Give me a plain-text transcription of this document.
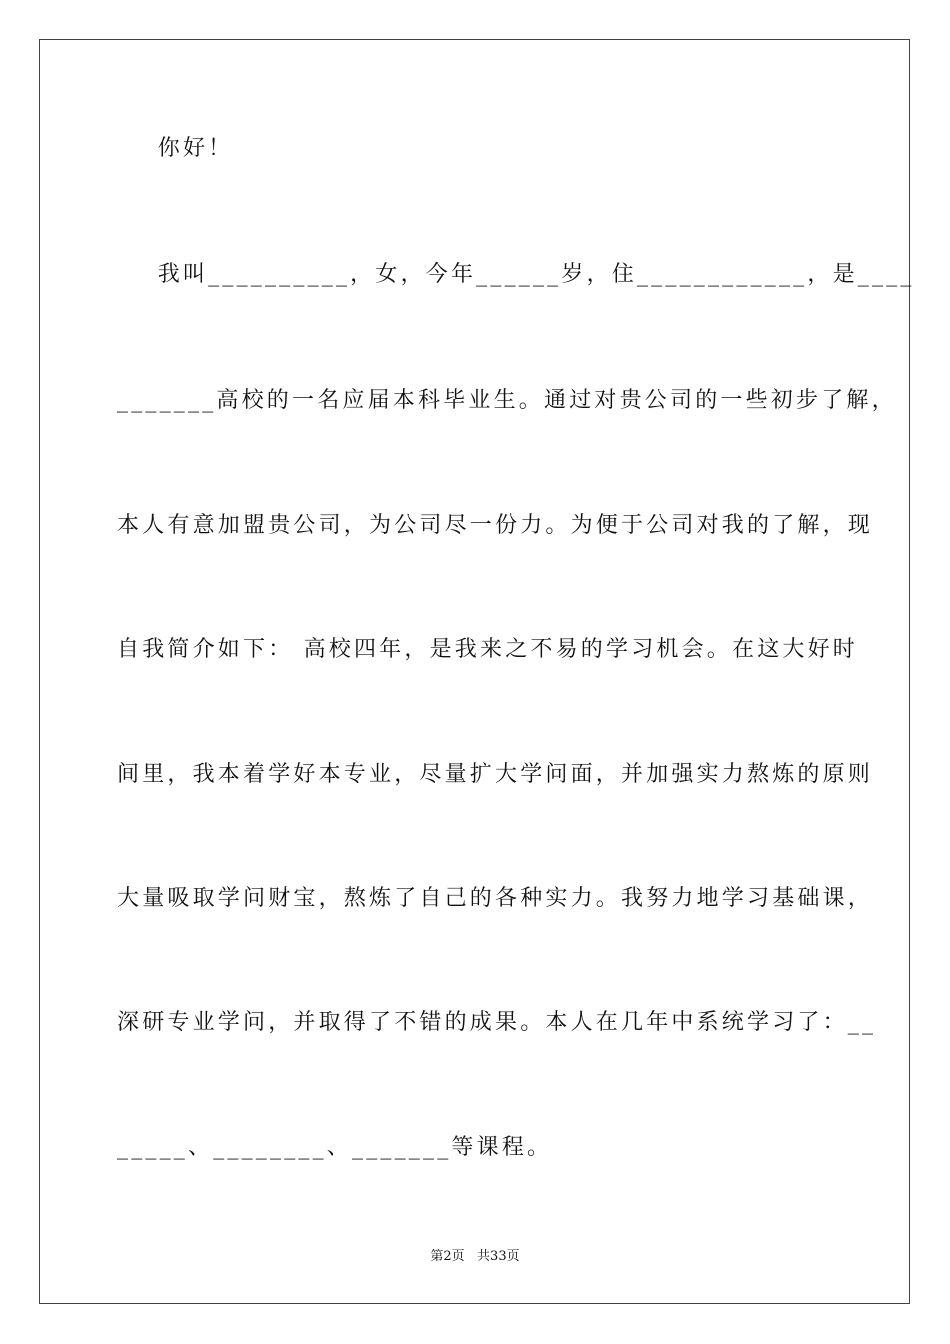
你好！
我叫__________，女，今年______岁，住____________，是____
_______高校的一名应届本科毕业生。通过对贵公司的一些初步了解，
本人有意加盟贵公司，为公司尽一份力。为便于公司对我的了解，现
自我简介如下： 高校四年，是我来之不易的学习机会。在这大好时
间里，我本着学好本专业，尽量扩大学问面，并加强实力熬炼的原则
大量吸取学问财宝，熬炼了自己的各种实力。我努力地学习基础课，
深研专业学问，并取得了不错的成果。本人在几年中系统学习了：__
_____、________、_______等课程。
第2页   共33页
